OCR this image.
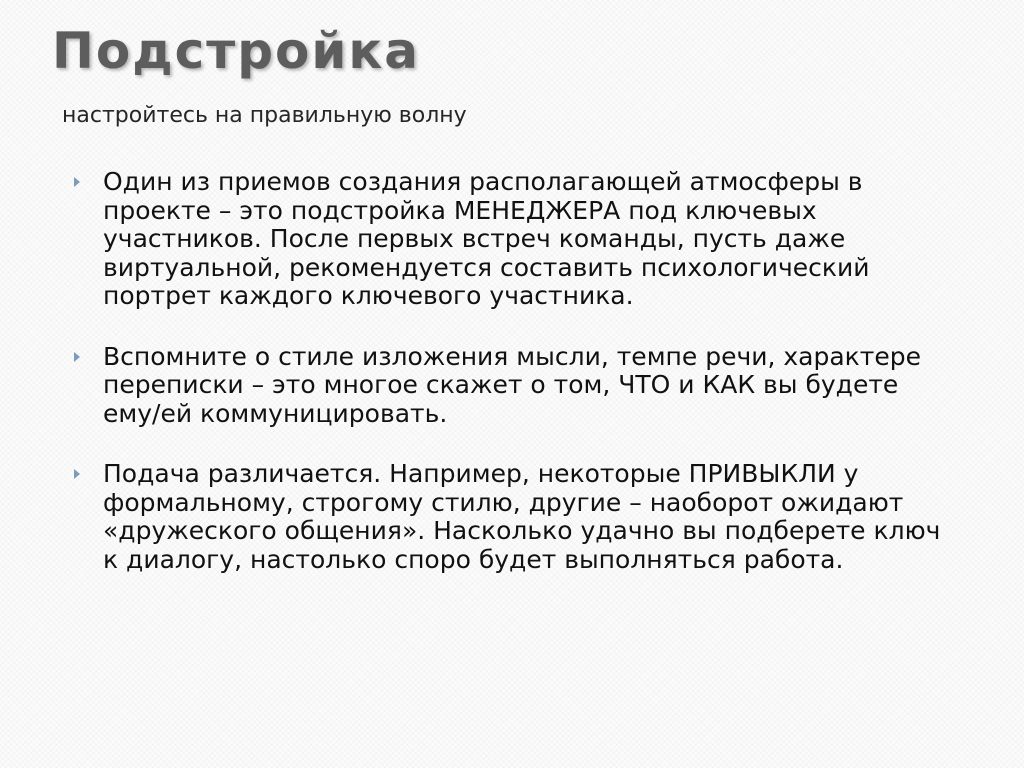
Подстройка

настройтесь на правильную волну

Один из приемов создания располагающей атмосферы в проекте – это подстройка МЕНЕДЖЕРА под ключевых участников. После первых встреч команды, пусть даже виртуальной, рекомендуется составить психологический портрет каждого ключевого участника.
Вспомните о стиле изложения мысли, темпе речи, характере переписки – это многое скажет о том, ЧТО и КАК вы будете ему/ей коммуницировать.
Подача различается. Например, некоторые ПРИВЫКЛИ у формальному, строгому стилю, другие – наоборот ожидают «дружеского общения». Насколько удачно вы подберете ключ к диалогу, настолько споро будет выполняться работа.
